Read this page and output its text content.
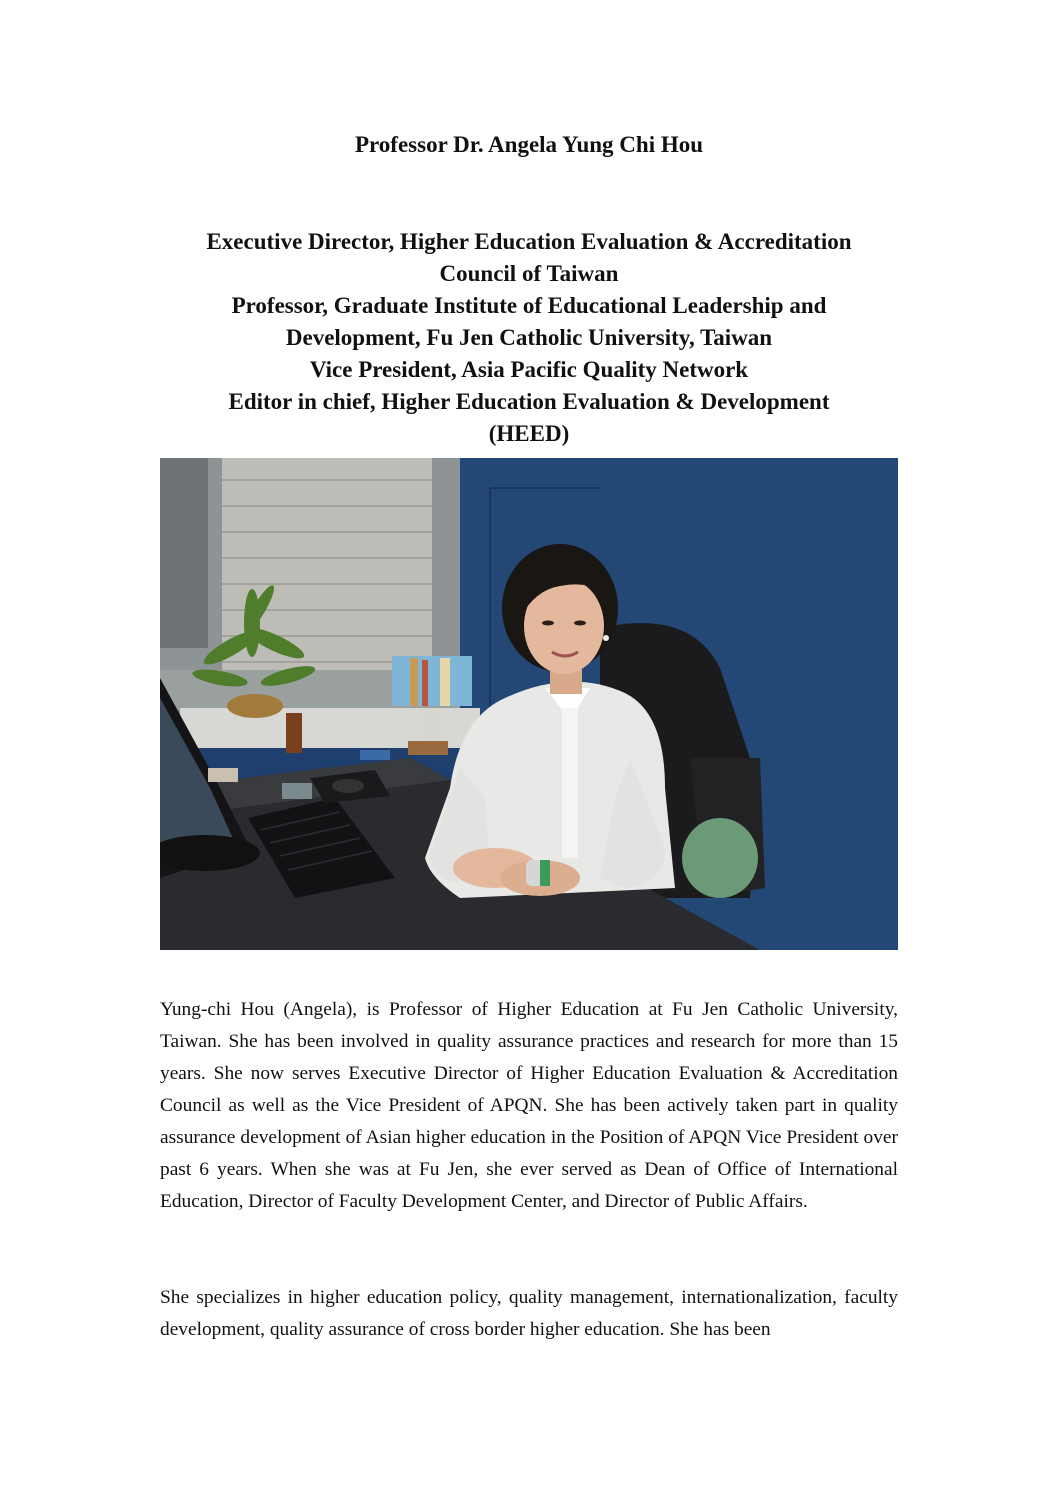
Professor Dr. Angela Yung Chi Hou
Executive Director, Higher Education Evaluation & Accreditation
Council of Taiwan
Professor, Graduate Institute of Educational Leadership and
Development, Fu Jen Catholic University, Taiwan
Vice President, Asia Pacific Quality Network
Editor in chief, Higher Education Evaluation & Development
(HEED)

Yung-chi Hou (Angela), is Professor of Higher Education at Fu Jen Catholic University, Taiwan. She has been involved in quality assurance practices and research for more than 15 years. She now serves Executive Director of Higher Education Evaluation & Accreditation Council as well as the Vice President of APQN. She has been actively taken part in quality assurance development of Asian higher education in the Position of APQN Vice President over past 6 years. When she was at Fu Jen, she ever served as Dean of Office of International Education, Director of Faculty Development Center, and Director of Public Affairs.

She specializes in higher education policy, quality management, internationalization, faculty development, quality assurance of cross border higher education. She has been
